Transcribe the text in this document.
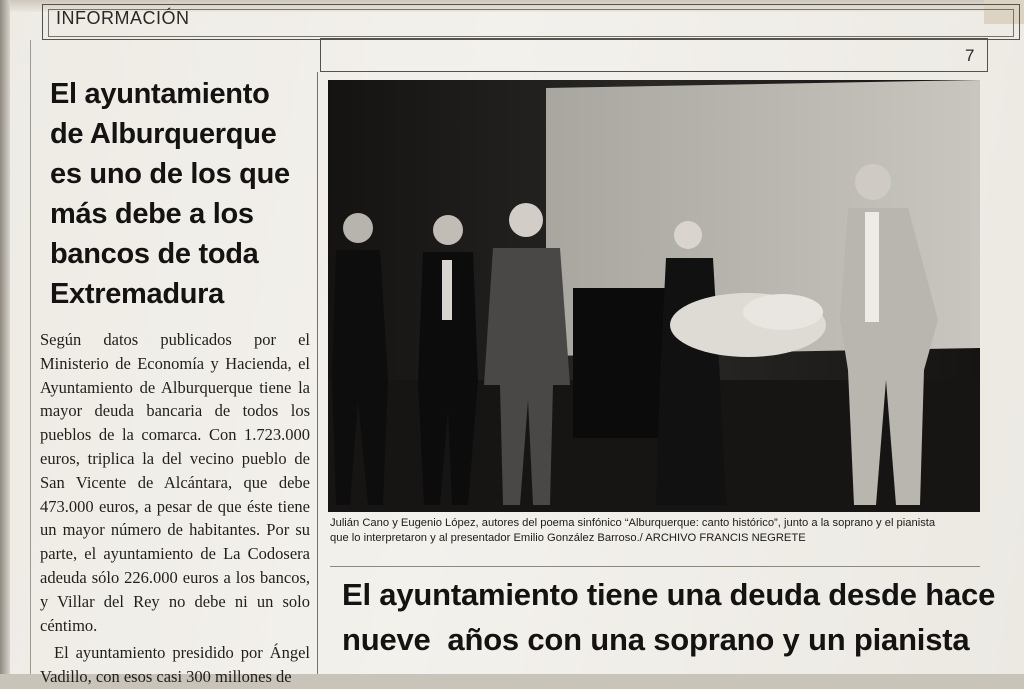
INFORMACIÓN
7
El ayuntamiento
de Alburquerque
es uno de los que
más debe a los
bancos de toda
Extremadura

Según datos publicados por el Ministerio de Economía y Hacienda, el Ayuntamiento de Alburquerque tiene la mayor deuda bancaria de todos los pueblos de la comarca. Con 1.723.000 euros, triplica la del vecino pueblo de San Vicente de Alcántara, que debe 473.000 euros, a pesar de que éste tiene un mayor número de habitantes. Por su parte, el ayuntamiento de La Codosera adeuda sólo 226.000 euros a los bancos, y Villar del Rey no debe ni un solo céntimo.

El ayuntamiento presidido por Ángel Vadillo, con esos casi 300 millones de

Julián Cano y Eugenio López, autores del poema sinfónico “Alburquerque: canto histórico”, junto a la soprano y el pianista
que lo interpretaron y al presentador Emilio González Barroso./ ARCHIVO FRANCIS NEGRETE
El ayuntamiento tiene una deuda desde hace
nueve  años con una soprano y un pianista
